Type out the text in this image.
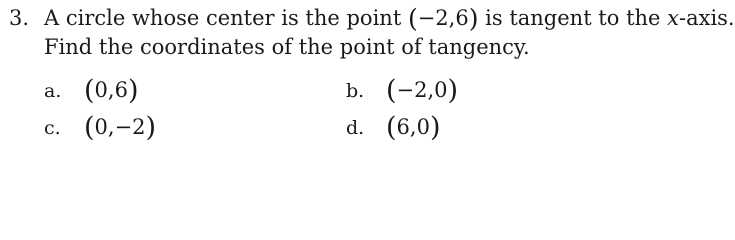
3. A circle whose center is the point (−2,6) is tangent to the x-axis.
Find the coordinates of the point of tangency.
a. (0,6)	b. (−2,0)
c. (0,−2)	d. (6,0)
